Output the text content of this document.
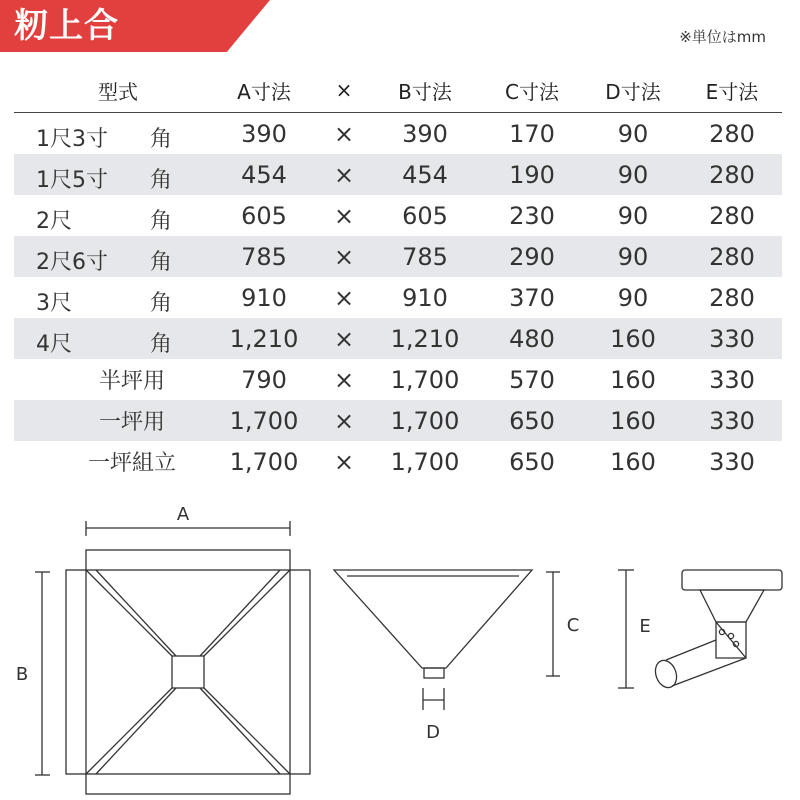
籾上合	※単位はmm
型式	A寸法	×	B寸法	C寸法	D寸法	E寸法

1尺3寸 角	390	×	390	170	90	280

1尺5寸 角	454	×	454	190	90	280

2尺 角	605	×	605	230	90	280

2尺6寸 角	785	×	785	290	90	280

3尺 角	910	×	910	370	90	280

4尺 角	1,210	×	1,210	480	160	330

半坪用	790	×	1,700	570	160	330

一坪用	1,700	×	1,700	650	160	330

一坪組立	1,700	×	1,700	650	160	330
A
B
C
D
E
